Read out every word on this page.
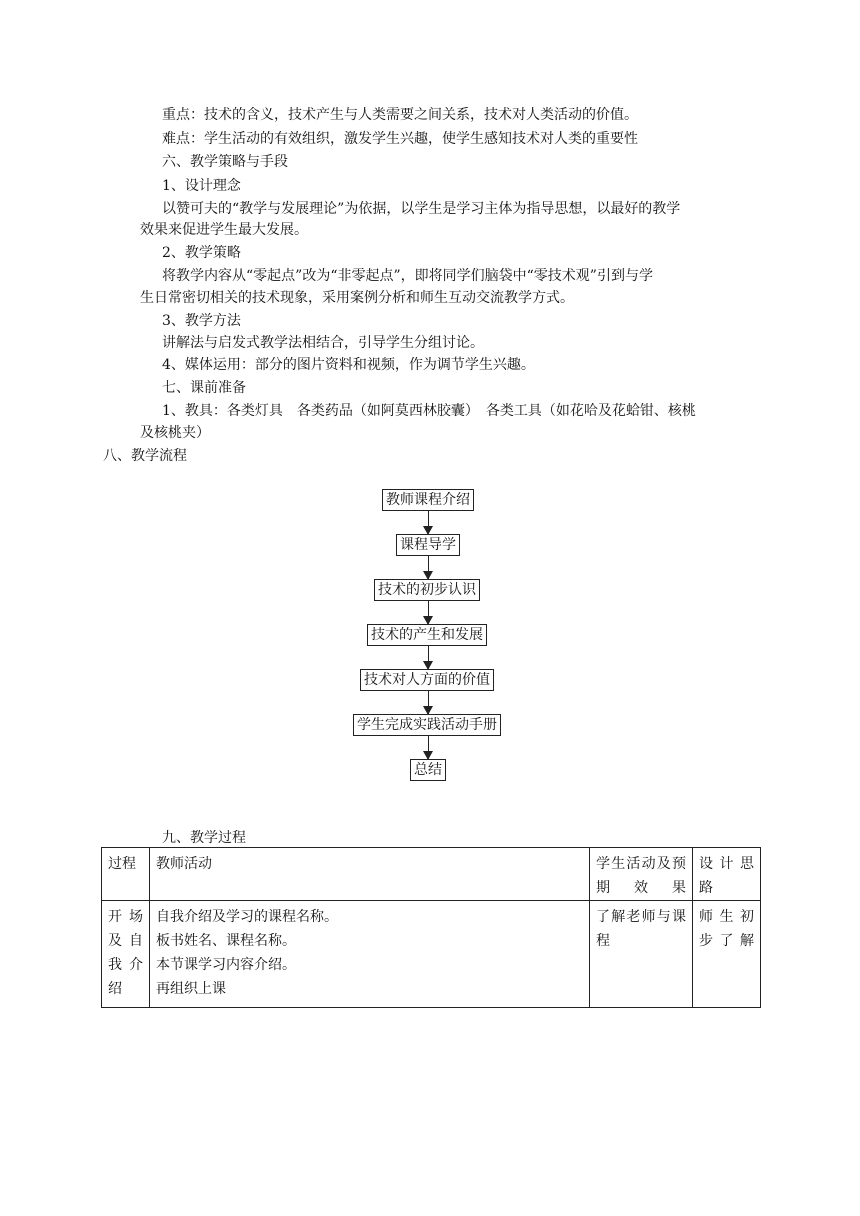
重点：技术的含义，技术产生与人类需要之间关系，技术对人类活动的价值。
难点：学生活动的有效组织，激发学生兴趣，使学生感知技术对人类的重要性
六、教学策略与手段
1、设计理念
以赞可夫的“教学与发展理论”为依据，以学生是学习主体为指导思想，以最好的教学
效果来促进学生最大发展。
2、教学策略
将教学内容从“零起点”改为“非零起点”，即将同学们脑袋中“零技术观”引到与学
生日常密切相关的技术现象，采用案例分析和师生互动交流教学方式。
3、教学方法
讲解法与启发式教学法相结合，引导学生分组讨论。
4、媒体运用：部分的图片资料和视频，作为调节学生兴趣。
七、课前准备
1、教具：各类灯具　各类药品（如阿莫西林胶囊）　各类工具（如花哈及花蛤钳、核桃
及核桃夹）
八、教学流程
教师课程介绍
课程导学
技术的初步认识
技术的产生和发展
技术对人方面的价值
学生完成实践活动手册
总结
九、教学过程
过程	教师活动	学生活动及预期效果	设计思路
开场及自我介绍	自我介绍及学习的课程名称。
板书姓名、课程名称。
本节课学习内容介绍。
再组织上课	了解老师与课程	师生初步了解
